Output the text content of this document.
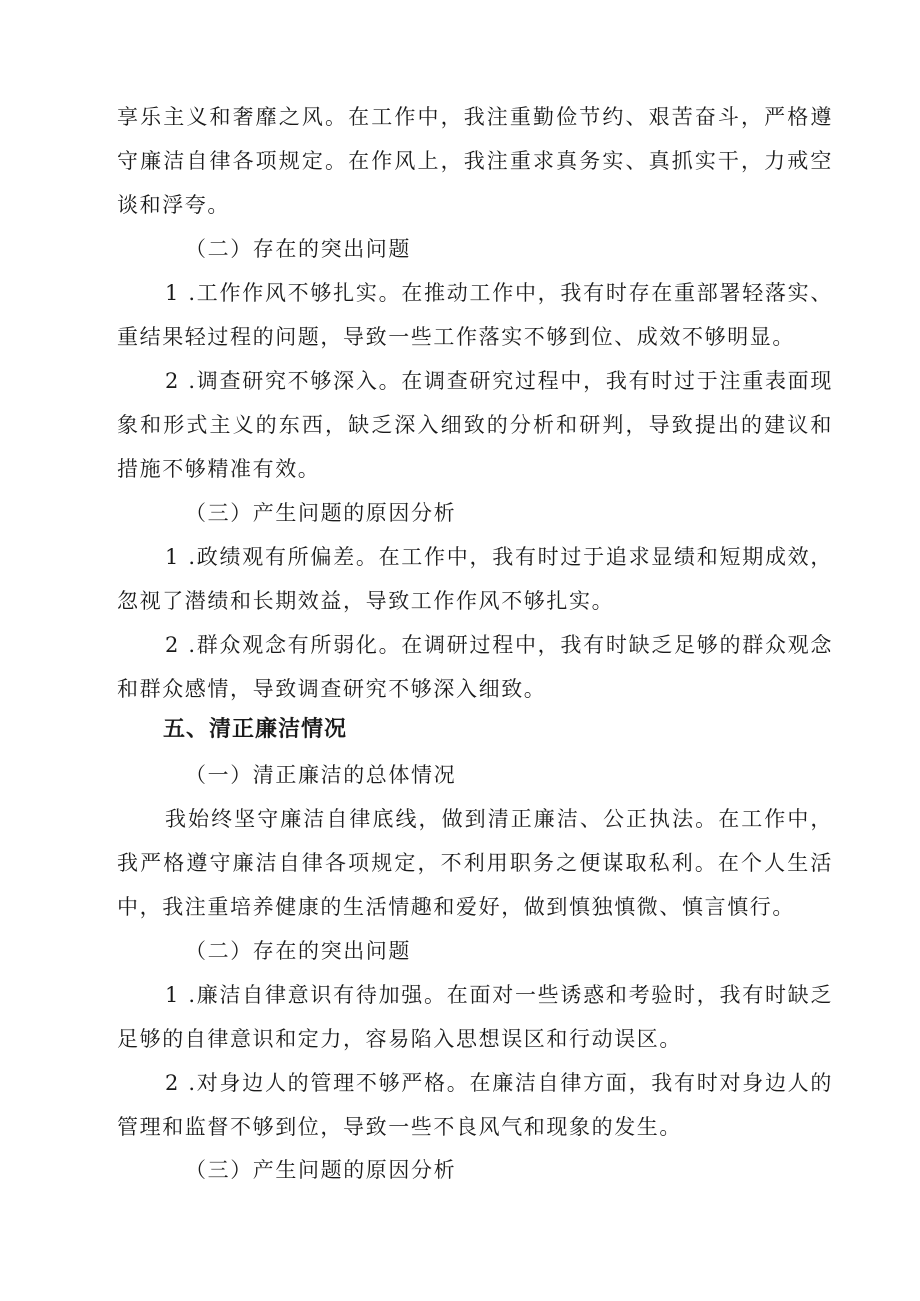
享乐主义和奢靡之风。在工作中，我注重勤俭节约、艰苦奋斗，严格遵守廉洁自律各项规定。在作风上，我注重求真务实、真抓实干，力戒空谈和浮夸。

（二）存在的突出问题

1 .工作作风不够扎实。在推动工作中，我有时存在重部署轻落实、重结果轻过程的问题，导致一些工作落实不够到位、成效不够明显。

2 .调查研究不够深入。在调查研究过程中，我有时过于注重表面现象和形式主义的东西，缺乏深入细致的分析和研判，导致提出的建议和措施不够精准有效。

（三）产生问题的原因分析

1 .政绩观有所偏差。在工作中，我有时过于追求显绩和短期成效，忽视了潜绩和长期效益，导致工作作风不够扎实。

2 .群众观念有所弱化。在调研过程中，我有时缺乏足够的群众观念和群众感情，导致调查研究不够深入细致。

五、清正廉洁情况

（一）清正廉洁的总体情况

我始终坚守廉洁自律底线，做到清正廉洁、公正执法。在工作中，我严格遵守廉洁自律各项规定，不利用职务之便谋取私利。在个人生活中，我注重培养健康的生活情趣和爱好，做到慎独慎微、慎言慎行。

（二）存在的突出问题

1 .廉洁自律意识有待加强。在面对一些诱惑和考验时，我有时缺乏足够的自律意识和定力，容易陷入思想误区和行动误区。

2 .对身边人的管理不够严格。在廉洁自律方面，我有时对身边人的管理和监督不够到位，导致一些不良风气和现象的发生。

（三）产生问题的原因分析
